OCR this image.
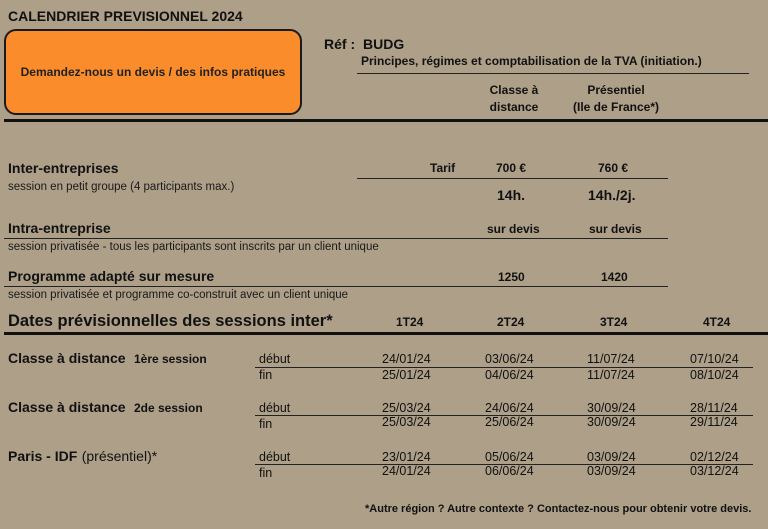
CALENDRIER PREVISIONNEL 2024
Demandez-nous un devis / des infos pratiques
Réf : BUDG
Principes, régimes et comptabilisation de la TVA (initiation.)
Classe à
distance
Présentiel
(Ile de France*)
Inter-entreprises
session en petit groupe (4 participants max.)
Tarif	700 €	760 €
14h.	14h./2j.
Intra-entreprise
session privatisée - tous les participants sont inscrits par un client unique
sur devis	sur devis
Programme adapté sur mesure
session privatisée et programme co-construit avec un client unique
1250	1420
Dates prévisionnelles des sessions inter*	1T24	2T24	3T24	4T24
Classe à distance 1ère session	début	24/01/24	03/06/24	11/07/24	07/10/24
fin	25/01/24	04/06/24	11/07/24	08/10/24
Classe à distance 2de session	début	25/03/24	24/06/24	30/09/24	28/11/24
fin	25/03/24	25/06/24	30/09/24	29/11/24
Paris - IDF (présentiel)*	début	23/01/24	05/06/24	03/09/24	02/12/24
fin	24/01/24	06/06/24	03/09/24	03/12/24
*Autre région ? Autre contexte ? Contactez-nous pour obtenir votre devis.
